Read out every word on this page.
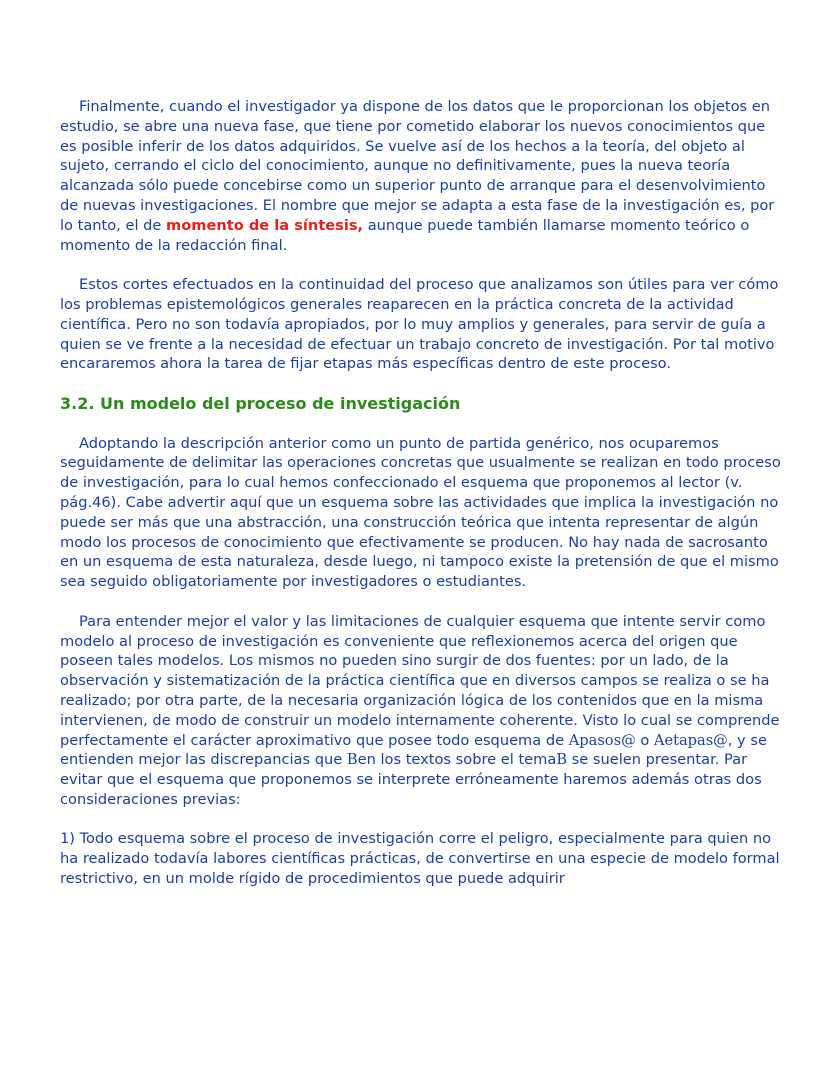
Finalmente, cuando el investigador ya dispone de los datos que le proporcionan los objetos en estudio, se abre una nueva fase, que tiene por cometido elaborar los nuevos conocimientos que es posible inferir de los datos adquiridos. Se vuelve así de los hechos a la teoría, del objeto al sujeto, cerrando el ciclo del conocimiento, aunque no definitivamente, pues la nueva teoría alcanzada sólo puede concebirse como un superior punto de arranque para el desenvolvimiento de nuevas investigaciones. El nombre que mejor se adapta a esta fase de la investigación es, por lo tanto, el de momento de la síntesis, aunque puede también llamarse momento teórico o momento de la redacción final.

Estos cortes efectuados en la continuidad del proceso que analizamos son útiles para ver cómo los problemas epistemológicos generales reaparecen en la práctica concreta de la actividad científica. Pero no son todavía apropiados, por lo muy amplios y generales, para servir de guía a quien se ve frente a la necesidad de efectuar un trabajo concreto de investigación. Por tal motivo encararemos ahora la tarea de fijar etapas más específicas dentro de este proceso.

3.2. Un modelo del proceso de investigación

Adoptando la descripción anterior como un punto de partida genérico, nos ocuparemos seguidamente de delimitar las operaciones concretas que usualmente se realizan en todo proceso de investigación, para lo cual hemos confeccionado el esquema que proponemos al lector (v. pág.46). Cabe advertir aquí que un esquema sobre las actividades que implica la investigación no puede ser más que una abstracción, una construcción teórica que intenta representar de algún modo los procesos de conocimiento que efectivamente se producen. No hay nada de sacrosanto en un esquema de esta naturaleza, desde luego, ni tampoco existe la pretensión de que el mismo sea seguido obligatoriamente por investigadores o estudiantes.

Para entender mejor el valor y las limitaciones de cualquier esquema que intente servir como modelo al proceso de investigación es conveniente que reflexionemos acerca del origen que poseen tales modelos. Los mismos no pueden sino surgir de dos fuentes: por un lado, de la observación y sistematización de la práctica científica que en diversos campos se realiza o se ha realizado; por otra parte, de la necesaria organización lógica de los contenidos que en la misma intervienen, de modo de construir un modelo internamente coherente. Visto lo cual se comprende perfectamente el carácter aproximativo que posee todo esquema de Apasos@ o Aetapas@, y se entienden mejor las discrepancias que Ben los textos sobre el temaB se suelen presentar. Par evitar que el esquema que proponemos se interprete erróneamente haremos además otras dos consideraciones previas:

1) Todo esquema sobre el proceso de investigación corre el peligro, especialmente para quien no ha realizado todavía labores científicas prácticas, de convertirse en una especie de modelo formal restrictivo, en un molde rígido de procedimientos que puede adquirir
